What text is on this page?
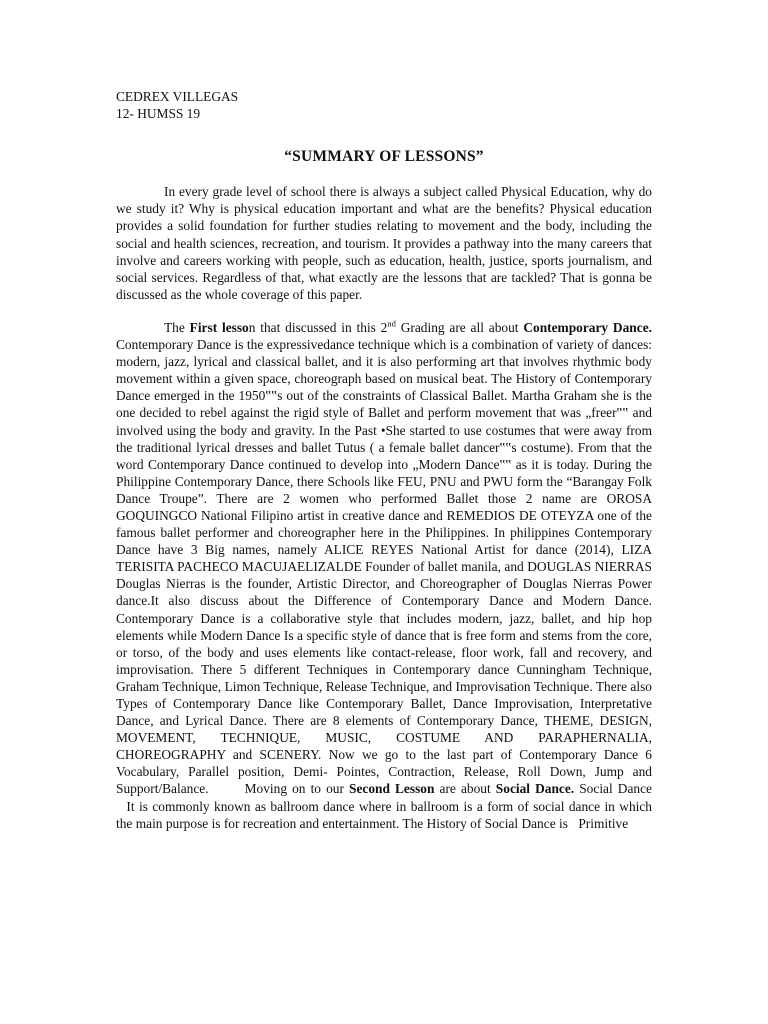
CEDREX VILLEGAS

12- HUMSS 19

“SUMMARY OF LESSONS”

In every grade level of school there is always a subject called Physical Education, why do we study it? Why is physical education important and what are the benefits? Physical education provides a solid foundation for further studies relating to movement and the body, including the social and health sciences, recreation, and tourism. It provides a pathway into the many careers that involve and careers working with people, such as education, health, justice, sports journalism, and social services. Regardless of that, what exactly are the lessons that are tackled? That is gonna be discussed as the whole coverage of this paper.

The First lesson that discussed in this 2nd Grading are all about Contemporary Dance. Contemporary Dance is the expressivedance technique which is a combination of variety of dances: modern, jazz, lyrical and classical ballet, and it is also performing art that involves rhythmic body movement within a given space, choreograph based on musical beat. The History of Contemporary Dance emerged in the 1950‟‟s out of the constraints of Classical Ballet. Martha Graham she is the one decided to rebel against the rigid style of Ballet and perform movement that was „freer‟‟ and involved using the body and gravity. In the Past •She started to use costumes that were away from the traditional lyrical dresses and ballet Tutus ( a female ballet dancer‟‟s costume). From that the word Contemporary Dance continued to develop into „Modern Dance‟‟ as it is today. During the Philippine Contemporary Dance, there Schools like FEU, PNU and PWU form the “Barangay Folk Dance Troupe”. There are 2 women who performed Ballet those 2 name are OROSA GOQUINGCO National Filipino artist in creative dance and REMEDIOS DE OTEYZA one of the famous ballet performer and choreographer here in the Philippines. In philippines Contemporary Dance have 3 Big names, namely ALICE REYES National Artist for dance (2014), LIZA TERISITA PACHECO MACUJAELIZALDE Founder of ballet manila, and DOUGLAS NIERRAS Douglas Nierras is the founder, Artistic Director, and Choreographer of Douglas Nierras Power dance.It also discuss about the Difference of Contemporary Dance and Modern Dance. Contemporary Dance is a collaborative style that includes modern, jazz, ballet, and hip hop elements while Modern Dance Is a specific style of dance that is free form and stems from the core, or torso, of the body and uses elements like contact-release, floor work, fall and recovery, and improvisation. There 5 different Techniques in Contemporary dance Cunningham Technique, Graham Technique, Limon Technique, Release Technique, and Improvisation Technique. There also Types of Contemporary Dance like Contemporary Ballet, Dance Improvisation, Interpretative Dance, and Lyrical Dance. There are 8 elements of Contemporary Dance, THEME, DESIGN, MOVEMENT, TECHNIQUE, MUSIC, COSTUME AND PARAPHERNALIA, CHOREOGRAPHY and SCENERY. Now we go to the last part of Contemporary Dance 6 Vocabulary, Parallel position, Demi- Pointes, Contraction, Release, Roll Down, Jump and Support/Balance.	Moving on to our Second Lesson are about Social Dance. Social Dance It is commonly known as ballroom dance where in ballroom is a form of social dance in which the main purpose is for recreation and entertainment. The History of Social Dance is Primitive
